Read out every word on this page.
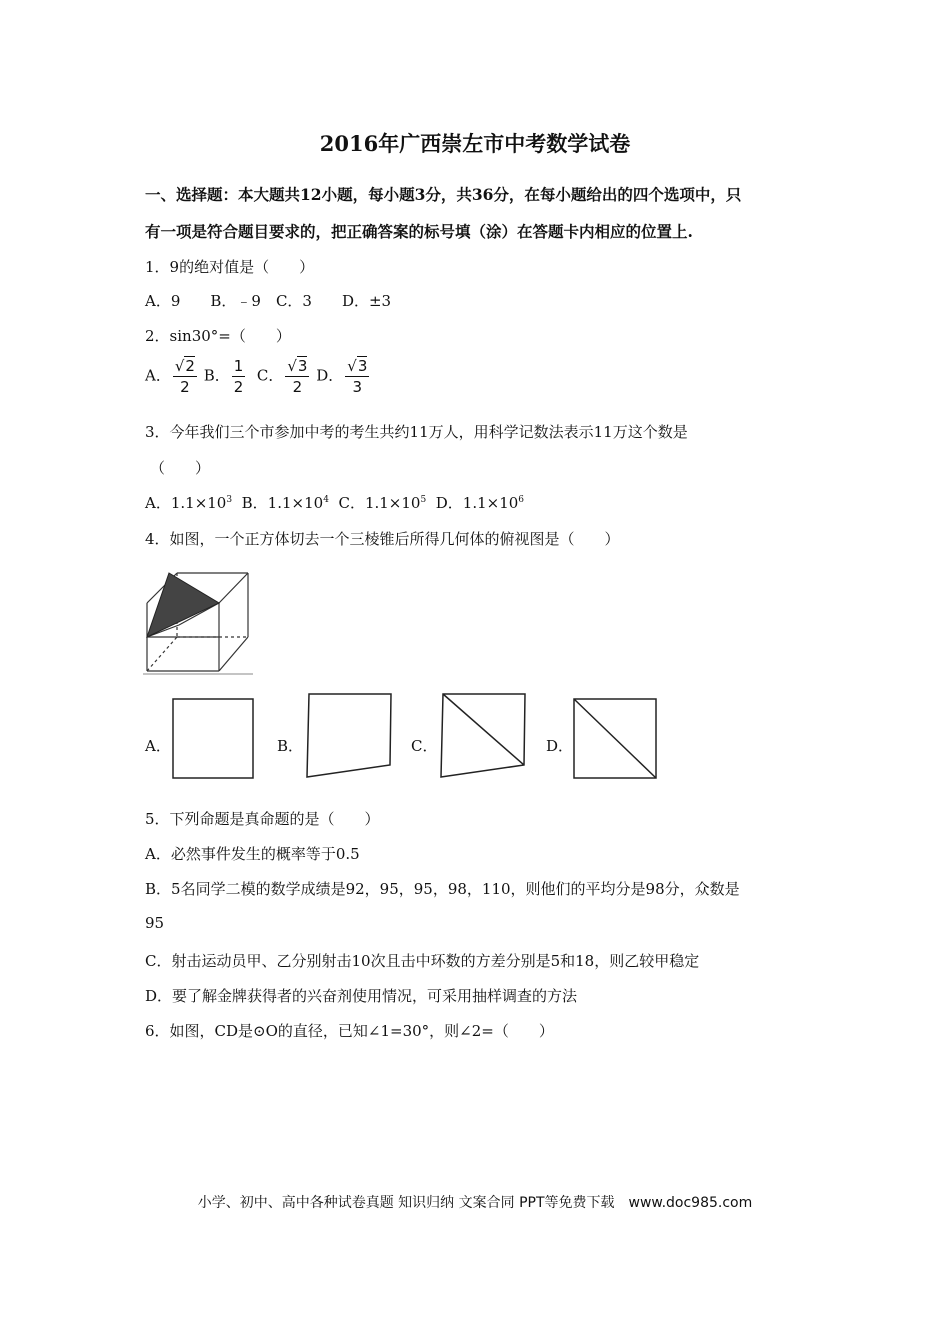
2016年广西崇左市中考数学试卷
一、选择题：本大题共12小题，每小题3分，共36分，在每小题给出的四个选项中，只
有一项是符合题目要求的，把正确答案的标号填（涂）在答题卡内相应的位置上.
1．9的绝对值是（　　）
A．9　　B．﹣9　C．3　　D．±3
2．sin30°=（　　）
A． $\frac{√2}{2}$ B． $\frac{1}{2}$ C． $\frac{√3}{2}$ D． $\frac{√3}{3}$
3．今年我们三个市参加中考的考生共约11万人，用科学记数法表示11万这个数是
（　　）
A．$1.1\times 10^3$ B．$1.1\times 10^4$ C．$1.1\times 10^5$ D．$1.1\times 10^6$
4．如图，一个正方体切去一个三棱锥后所得几何体的俯视图是（　　）
A．	B．	C．	D．
5．下列命题是真命题的是（　　）
A．必然事件发生的概率等于0.5
B．5名同学二模的数学成绩是92，95，95，98，110，则他们的平均分是98分，众数是
95
C．射击运动员甲、乙分别射击10次且击中环数的方差分别是5和18，则乙较甲稳定
D．要了解金牌获得者的兴奋剂使用情况，可采用抽样调查的方法
6．如图，CD是⊙O的直径，已知∠1=30°，则∠2=（　　）
小学、初中、高中各种试卷真题 知识归纳 文案合同 PPT等免费下载　www.doc985.com
